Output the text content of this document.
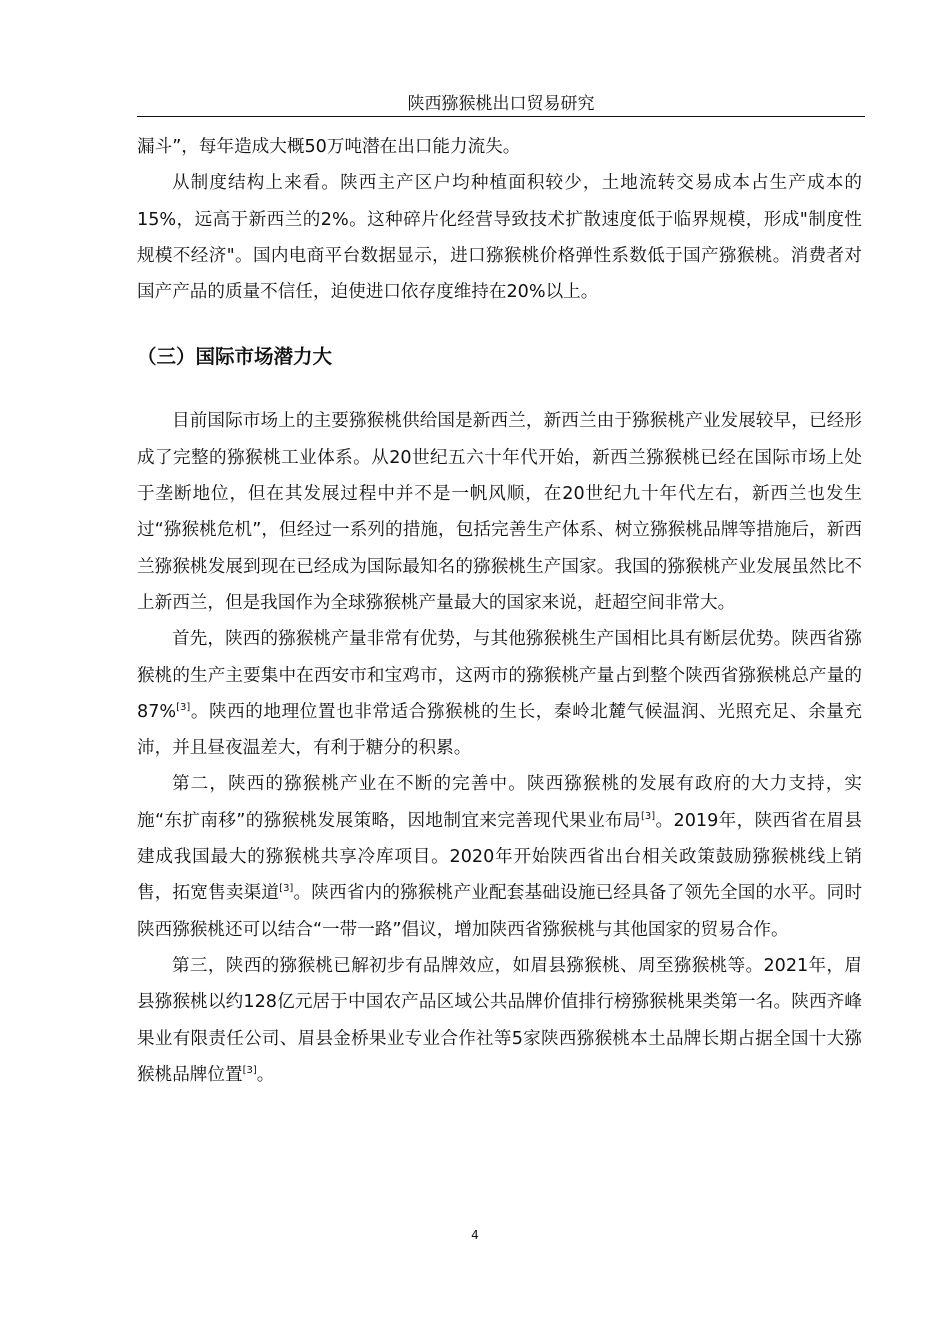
陕西猕猴桃出口贸易研究

漏斗”，每年造成大概50万吨潜在出口能力流失。

从制度结构上来看。陕西主产区户均种植面积较少，土地流转交易成本占生产成本的15%，远高于新西兰的2%。这种碎片化经营导致技术扩散速度低于临界规模，形成"制度性规模不经济"。国内电商平台数据显示，进口猕猴桃价格弹性系数低于国产猕猴桃。消费者对国产产品的质量不信任，迫使进口依存度维持在20%以上。

（三）国际市场潜力大

目前国际市场上的主要猕猴桃供给国是新西兰，新西兰由于猕猴桃产业发展较早，已经形成了完整的猕猴桃工业体系。从20世纪五六十年代开始，新西兰猕猴桃已经在国际市场上处于垄断地位，但在其发展过程中并不是一帆风顺，在20世纪九十年代左右，新西兰也发生过“猕猴桃危机”，但经过一系列的措施，包括完善生产体系、树立猕猴桃品牌等措施后，新西兰猕猴桃发展到现在已经成为国际最知名的猕猴桃生产国家。我国的猕猴桃产业发展虽然比不上新西兰，但是我国作为全球猕猴桃产量最大的国家来说，赶超空间非常大。

首先，陕西的猕猴桃产量非常有优势，与其他猕猴桃生产国相比具有断层优势。陕西省猕猴桃的生产主要集中在西安市和宝鸡市，这两市的猕猴桃产量占到整个陕西省猕猴桃总产量的87%[3]。陕西的地理位置也非常适合猕猴桃的生长，秦岭北麓气候温润、光照充足、余量充沛，并且昼夜温差大，有利于糖分的积累。

第二，陕西的猕猴桃产业在不断的完善中。陕西猕猴桃的发展有政府的大力支持，实施“东扩南移”的猕猴桃发展策略，因地制宜来完善现代果业布局[3]。2019年，陕西省在眉县建成我国最大的猕猴桃共享冷库项目。2020年开始陕西省出台相关政策鼓励猕猴桃线上销售，拓宽售卖渠道[3]。陕西省内的猕猴桃产业配套基础设施已经具备了领先全国的水平。同时陕西猕猴桃还可以结合“一带一路”倡议，增加陕西省猕猴桃与其他国家的贸易合作。

第三，陕西的猕猴桃已解初步有品牌效应，如眉县猕猴桃、周至猕猴桃等。2021年，眉县猕猴桃以约128亿元居于中国农产品区域公共品牌价值排行榜猕猴桃果类第一名。陕西齐峰果业有限责任公司、眉县金桥果业专业合作社等5家陕西猕猴桃本土品牌长期占据全国十大猕猴桃品牌位置[3]。

4
